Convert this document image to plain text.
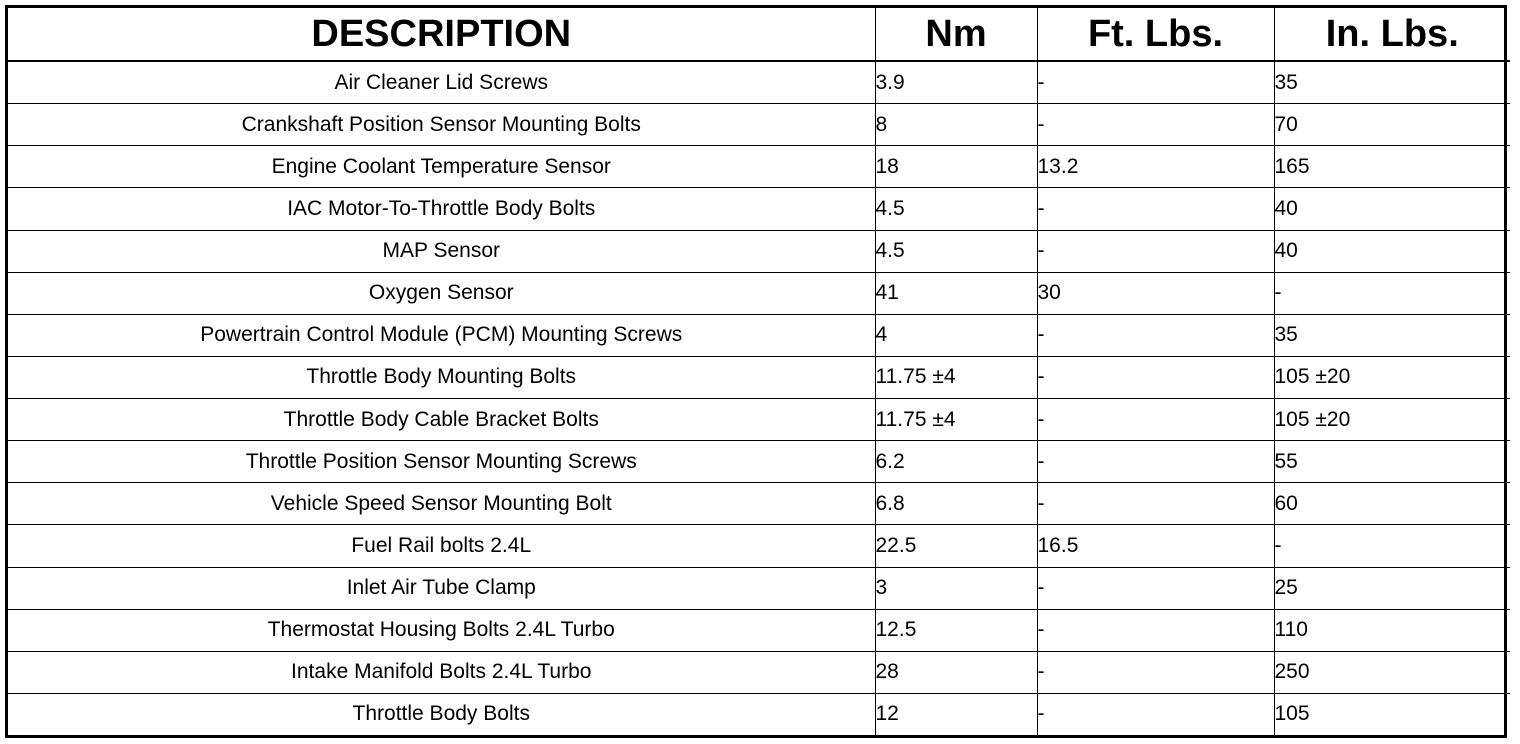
DESCRIPTION	Nm	Ft. Lbs.	In. Lbs.
Air Cleaner Lid Screws	3.9	-	35
Crankshaft Position Sensor Mounting Bolts	8	-	70
Engine Coolant Temperature Sensor	18	13.2	165
IAC Motor-To-Throttle Body Bolts	4.5	-	40
MAP Sensor	4.5	-	40
Oxygen Sensor	41	30	-
Powertrain Control Module (PCM) Mounting Screws	4	-	35
Throttle Body Mounting Bolts	11.75 ±4	-	105 ±20
Throttle Body Cable Bracket Bolts	11.75 ±4	-	105 ±20
Throttle Position Sensor Mounting Screws	6.2	-	55
Vehicle Speed Sensor Mounting Bolt	6.8	-	60
Fuel Rail bolts 2.4L	22.5	16.5	-
Inlet Air Tube Clamp	3	-	25
Thermostat Housing Bolts 2.4L Turbo	12.5	-	110
Intake Manifold Bolts 2.4L Turbo	28	-	250
Throttle Body Bolts	12	-	105
